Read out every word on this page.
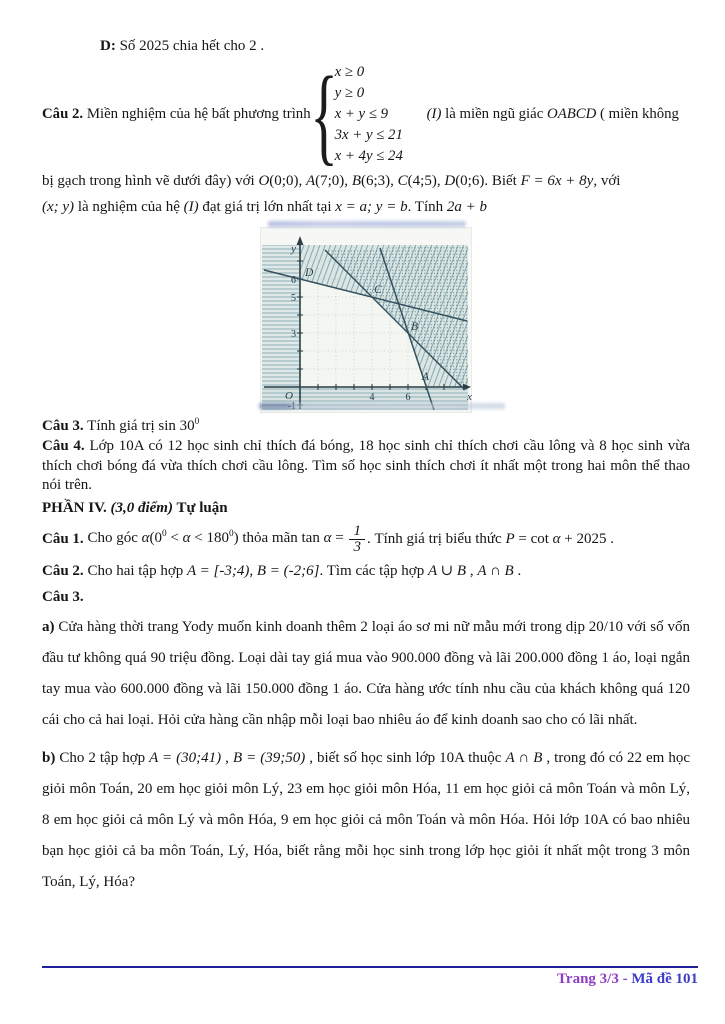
D: Số 2025 chia hết cho 2 .
Câu 2. Miền nghiệm của hệ bất phương trình {
x ≥ 0
y ≥ 0
x + y ≤ 9
3x + y ≤ 21
x + 4y ≤ 24
(I) là miền ngũ giác OABCD ( miền không
bị gạch trong hình vẽ dưới đây) với O(0;0), A(7;0), B(6;3), C(4;5), D(0;6). Biết F = 6x + 8y, với
(x; y) là nghiệm của hệ (I) đạt giá trị lớn nhất tại x = a; y = b. Tính 2a + b
y
x
O
6
5
3
4	6
D
C
B
A
Câu 3. Tính giá trị $\sin 30^0$
Câu 4. Lớp 10A có 12 học sinh chỉ thích đá bóng, 18 học sinh chỉ thích chơi cầu lông và 8 học sinh vừa thích chơi bóng đá vừa thích chơi cầu lông. Tìm số học sinh thích chơi ít nhất một trong hai môn thể thao nói trên.
PHẦN IV. (3,0 điểm) Tự luận
Câu 1. Cho góc $\alpha(0^0 < \alpha < 180^0)$ thỏa mãn $\tan \alpha = \frac{1}{3}$ . Tính giá trị biểu thức P = cot α + 2025 .
Câu 2. Cho hai tập hợp A = [-3;4), B = (-2;6]. Tìm các tập hợp A ∪ B , A ∩ B .
Câu 3.
a) Cửa hàng thời trang Yody muốn kinh doanh thêm 2 loại áo sơ mi nữ mẫu mới trong dịp 20/10 với số vốn đầu tư không quá 90 triệu đồng. Loại dài tay giá mua vào 900.000 đồng và lãi 200.000 đồng 1 áo, loại ngắn tay mua vào 600.000 đồng và lãi 150.000 đồng 1 áo. Cửa hàng ước tính nhu cầu của khách không quá 120 cái cho cả hai loại. Hỏi cửa hàng cần nhập mỗi loại bao nhiêu áo để kinh doanh sao cho có lãi nhất.
b) Cho 2 tập hợp A = (30;41) , B = (39;50) , biết số học sinh lớp 10A thuộc A ∩ B , trong đó có 22 em học giỏi môn Toán, 20 em học giỏi môn Lý, 23 em học giỏi môn Hóa, 11 em học giỏi cả môn Toán và môn Lý, 8 em học giỏi cả môn Lý và môn Hóa, 9 em học giỏi cả môn Toán và môn Hóa. Hỏi lớp 10A có bao nhiêu bạn học giỏi cả ba môn Toán, Lý, Hóa, biết rằng mỗi học sinh trong lớp học giỏi ít nhất một trong 3 môn Toán, Lý, Hóa?
Trang 3/3 - Mã đề 101
